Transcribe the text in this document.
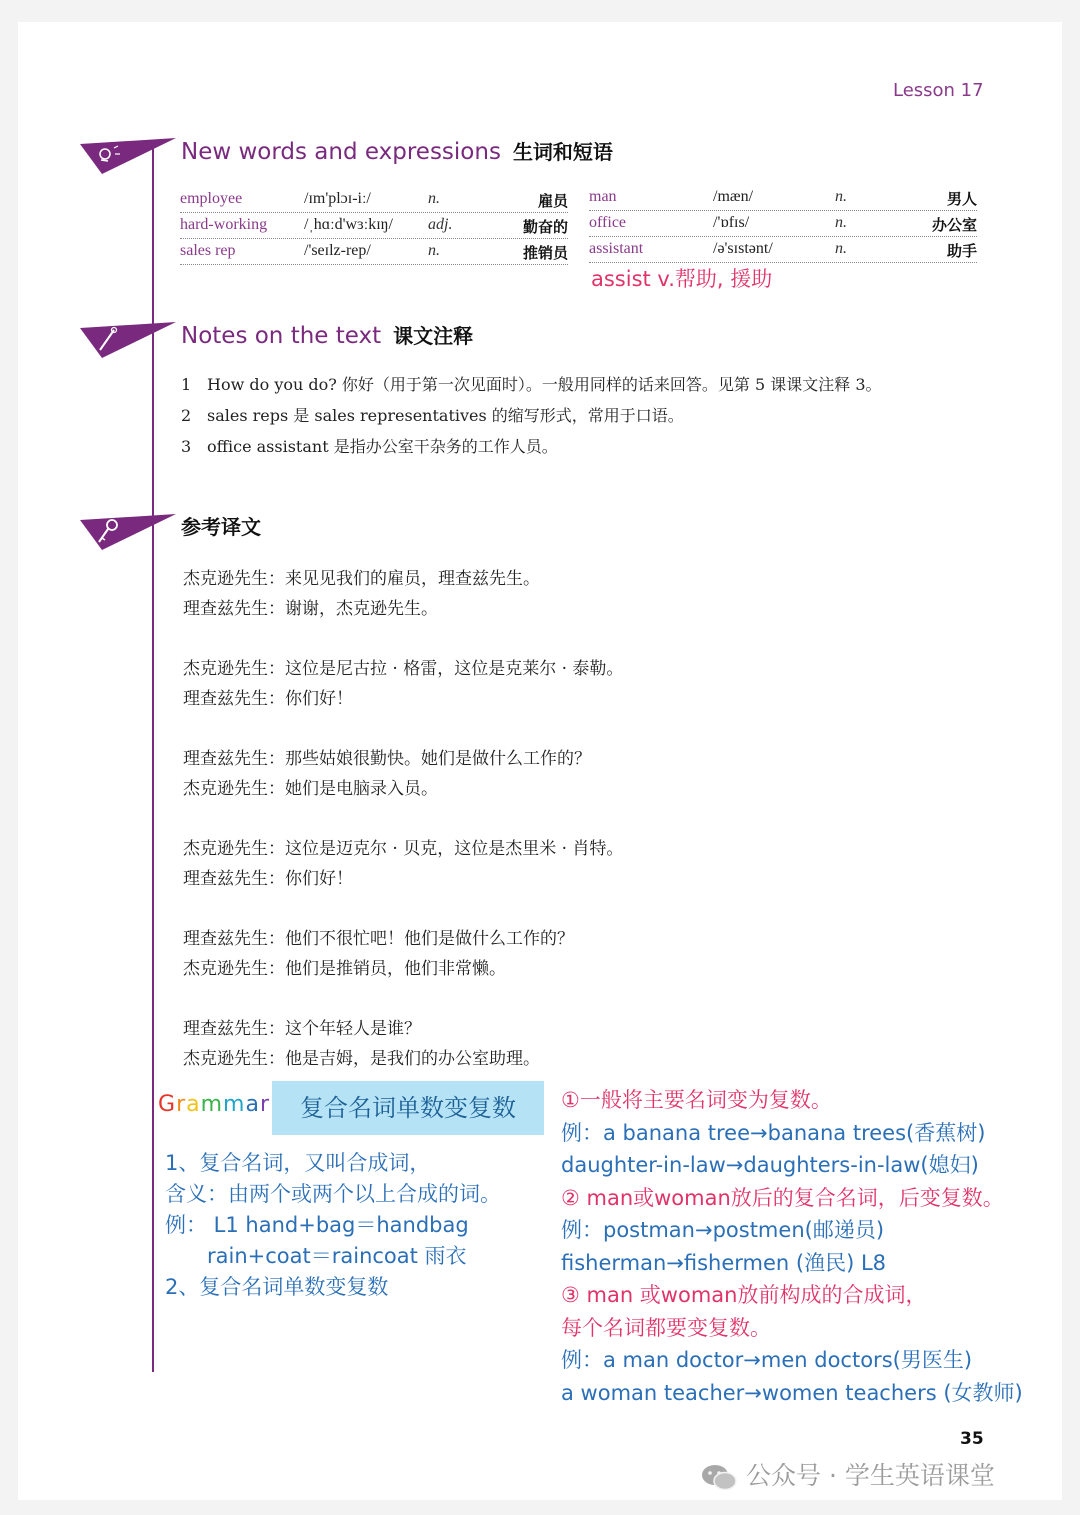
Lesson 17
New words and expressions 生词和短语
Notes on the text 课文注释
参考译文
employee	/ɪm'plɔɪ-iː/	n.	雇员
hard-working /ˌhɑːd'wɜːkɪŋ/ adj.	勤奋的
sales rep	/'seɪlz-rep/	n.	推销员
man	/mæn/	n.	男人
office	/'ɒfɪs/	n.	办公室
assistant	/ə'sɪstənt/	n.	助手
assist v.帮助, 援助
1 How do you do? 你好（用于第一次见面时）。一般用同样的话来回答。见第 5 课课文注释 3。
2 sales reps 是 sales representatives 的缩写形式，常用于口语。
3 office assistant 是指办公室干杂务的工作人员。
杰克逊先生：来见见我们的雇员，理查兹先生。
理查兹先生：谢谢，杰克逊先生。
杰克逊先生：这位是尼古拉 · 格雷，这位是克莱尔 · 泰勒。
理查兹先生：你们好！
理查兹先生：那些姑娘很勤快。她们是做什么工作的？
杰克逊先生：她们是电脑录入员。
杰克逊先生：这位是迈克尔 · 贝克，这位是杰里米 · 肖特。
理查兹先生：你们好！
理查兹先生：他们不很忙吧！他们是做什么工作的？
杰克逊先生：他们是推销员，他们非常懒。
理查兹先生：这个年轻人是谁？
杰克逊先生：他是吉姆，是我们的办公室助理。
Grammar	复合名词单数变复数
1、复合名词，又叫合成词，
含义：由两个或两个以上合成的词。
例： L1 hand+bag＝handbag
rain+coat＝raincoat 雨衣
2、复合名词单数变复数
①一般将主要名词变为复数。
例：a banana tree→banana trees(香蕉树)
daughter-in-law→daughters-in-law(媳妇)
② man或woman放后的复合名词，后变复数。
例：postman→postmen(邮递员)
fisherman→fishermen (渔民) L8
③ man 或woman放前构成的合成词，
每个名词都要变复数。
例：a man doctor→men doctors(男医生)
a woman teacher→women teachers (女教师)
35
公众号 · 学生英语课堂
